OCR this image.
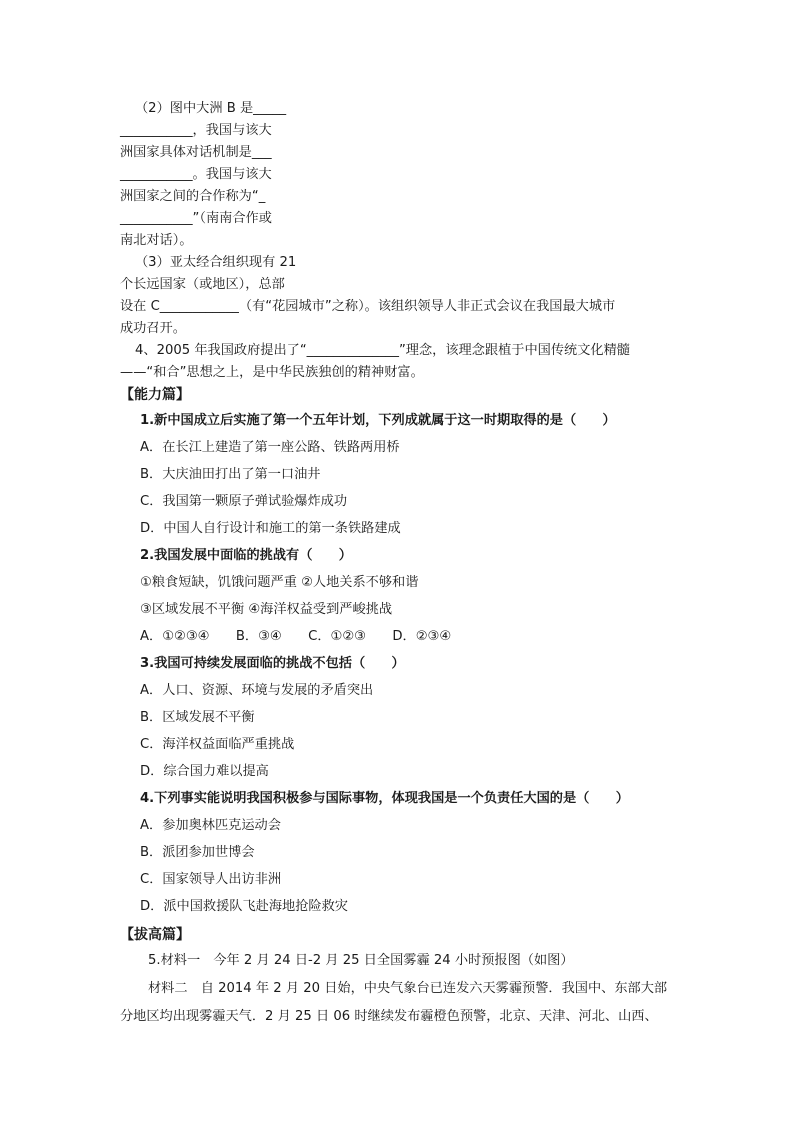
（2）图中大洲 B 是_____
___________，我国与该大
洲国家具体对话机制是___
___________。我国与该大
洲国家之间的合作称为“_
___________”（南南合作或
南北对话）。
（3）亚太经合组织现有 21
个长远国家（或地区），总部
设在 C____________（有“花园城市”之称）。该组织领导人非正式会议在我国最大城市
成功召开。
4、2005 年我国政府提出了“______________”理念，该理念跟植于中国传统文化精髓
——“和合”思想之上，是中华民族独创的精神财富。
【能力篇】
1.新中国成立后实施了第一个五年计划，下列成就属于这一时期取得的是（　　）
A．在长江上建造了第一座公路、铁路两用桥
B．大庆油田打出了第一口油井
C．我国第一颗原子弹试验爆炸成功
D．中国人自行设计和施工的第一条铁路建成
2.我国发展中面临的挑战有（　　）
①粮食短缺，饥饿问题严重 ②人地关系不够和谐
③区域发展不平衡 ④海洋权益受到严峻挑战
A．①②③④　　B．③④　　C．①②③　　D．②③④
3.我国可持续发展面临的挑战不包括（　　）
A．人口、资源、环境与发展的矛盾突出
B．区域发展不平衡
C．海洋权益面临严重挑战
D．综合国力难以提高
4.下列事实能说明我国积极参与国际事物，体现我国是一个负责任大国的是（　　）
A．参加奥林匹克运动会
B．派团参加世博会
C．国家领导人出访非洲
D．派中国救援队飞赴海地抢险救灾
【拔高篇】
5.材料一　今年 2 月 24 日-2 月 25 日全国雾霾 24 小时预报图（如图）
材料二　自 2014 年 2 月 20 日始，中央气象台已连发六天雾霾预警．我国中、东部大部
分地区均出现雾霾天气．2 月 25 日 06 时继续发布霾橙色预警，北京、天津、河北、山西、
